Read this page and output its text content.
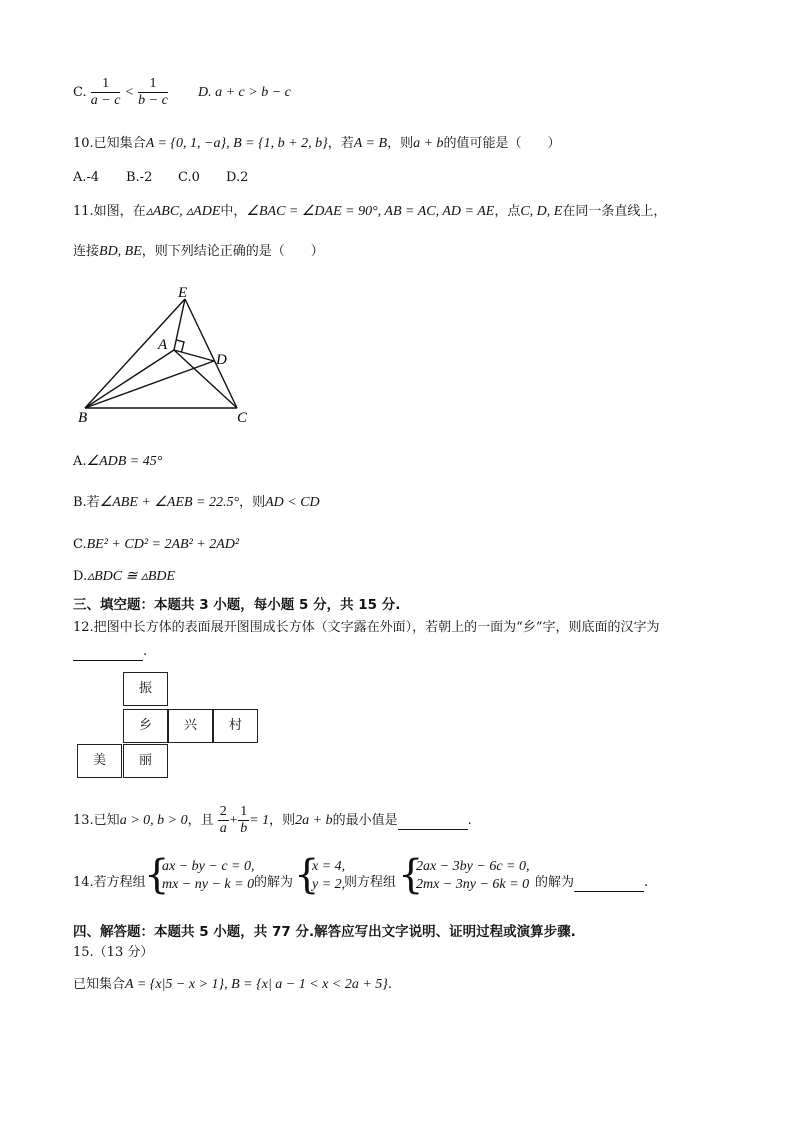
C. $\frac{1}{a - c} < \frac{1}{b - c} D$. a + c > b − c
10.已知集合A = {0, 1, −a}, B = {1, b + 2, b}，若A = B，则a + b的值可能是（　　）
A.-4 B.-2 C.0 D.2
11.如图，在▵ABC, ▵ADE中，∠BAC = ∠DAE = 90°, AB = AC, AD = AE，点C, D, E在同一条直线上，
连接BD, BE，则下列结论正确的是（　　）
E
A
D
B	C
A.∠ADB = 45°
B.若∠ABE + ∠AEB = 22.5°，则AD < CD
C.BE² + CD² = 2AB² + 2AD²
D.▵BDC ≅ ▵BDE
三、填空题：本题共 3 小题，每小题 5 分，共 15 分.
12.把图中长方体的表面展开图围成长方体（文字露在外面），若朝上的一面为“乡”字，则底面的汉字为
.
振
乡	兴	村
美	丽
13.已知a > 0, b > 0，且 $\frac{2}{a} + \frac{1}{b} = 1$，则2a + b的最小值是	.
14.若方程组
{
ax − by − c = 0,
mx − ny − k = 0 的解为 {
x = 4,
y = 2,
则方程组 {
2ax − 3by − 6c = 0,
2mx − 3ny − 6k = 0 的解为	.
四、解答题：本题共 5 小题，共 77 分.解答应写出文字说明、证明过程或演算步骤.
15.（13 分）
已知集合A = {x|5 − x > 1}, B = {x| a − 1 < x < 2a + 5}.
